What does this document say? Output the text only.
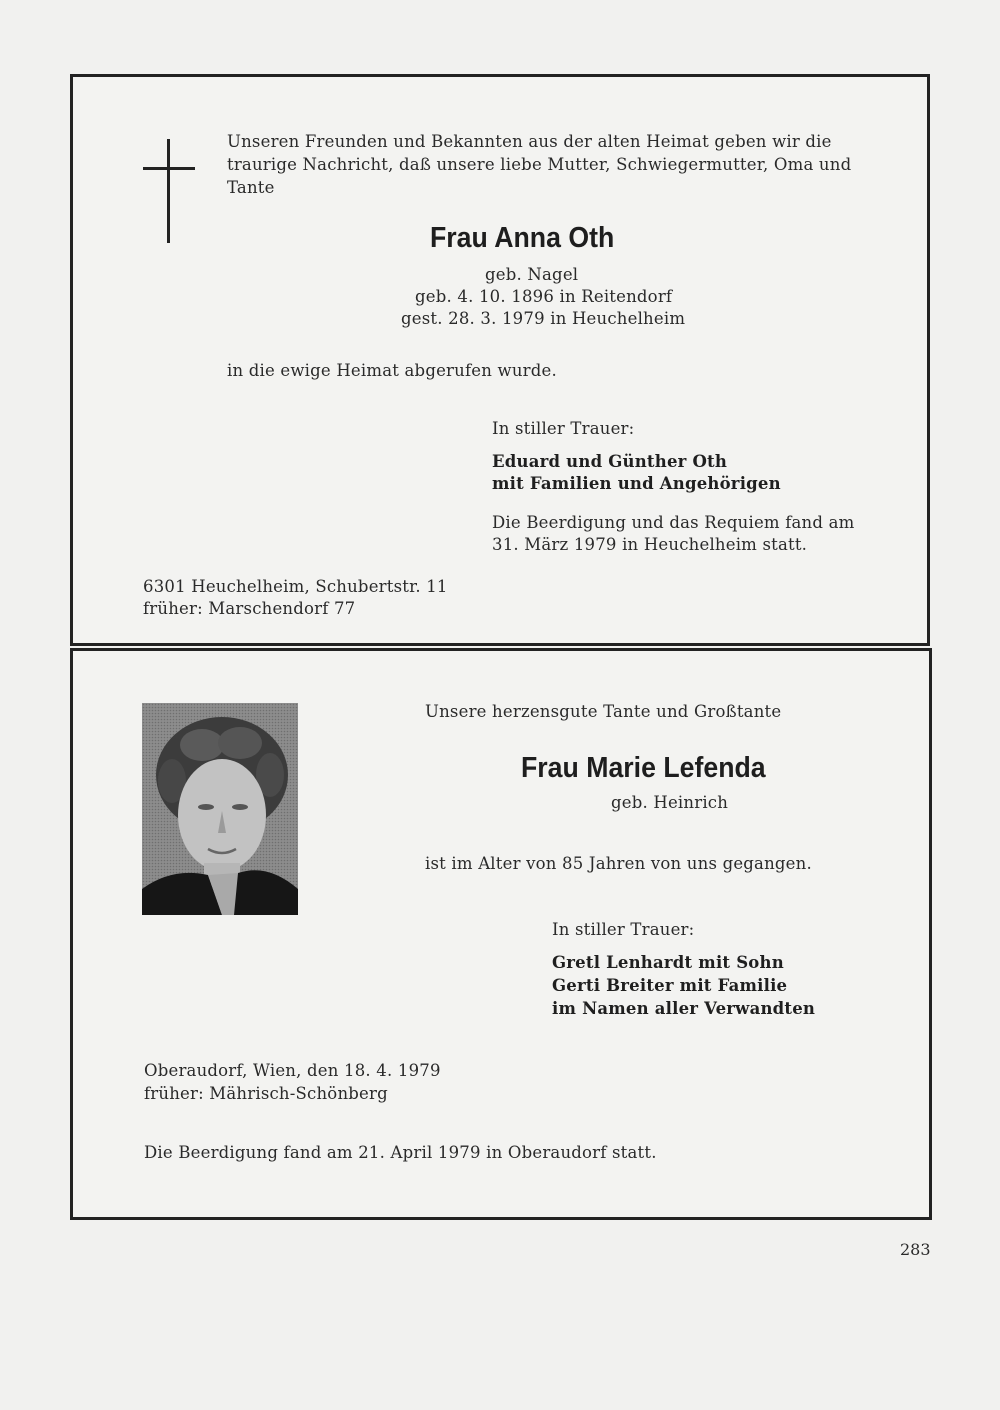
Unseren Freunden und Bekannten aus der alten Heimat geben wir die
traurige Nachricht, daß unsere liebe Mutter, Schwiegermutter, Oma und
Tante
Frau Anna Oth
geb. Nagel
geb. 4. 10. 1896 in Reitendorf
gest. 28. 3. 1979 in Heuchelheim
in die ewige Heimat abgerufen wurde.
In stiller Trauer:
Eduard und Günther Oth
mit Familien und Angehörigen
Die Beerdigung und das Requiem fand am
31. März 1979 in Heuchelheim statt.
6301 Heuchelheim, Schubertstr. 11
früher: Marschendorf 77
Unsere herzensgute Tante und Großtante
Frau Marie Lefenda
geb. Heinrich
ist im Alter von 85 Jahren von uns gegangen.
In stiller Trauer:
Gretl Lenhardt mit Sohn
Gerti Breiter mit Familie
im Namen aller Verwandten
Oberaudorf, Wien, den 18. 4. 1979
früher: Mährisch-Schönberg
Die Beerdigung fand am 21. April 1979 in Oberaudorf statt.
283
